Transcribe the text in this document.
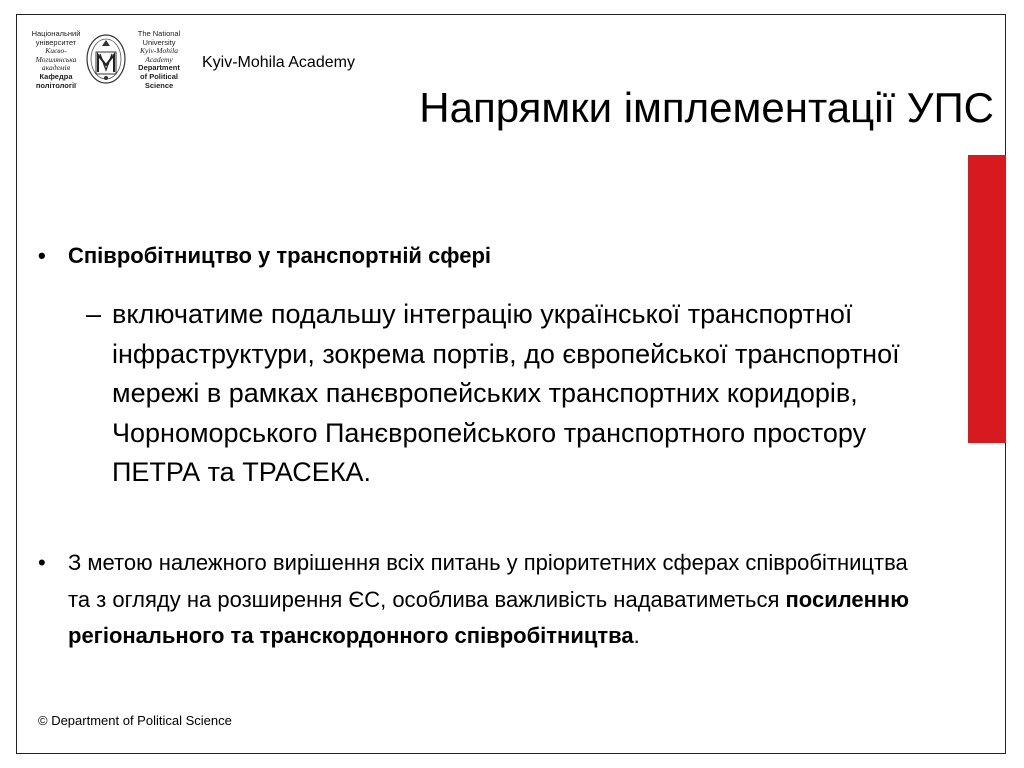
Національний
університет
Києво-
Могилянська
академія
Кафедра
політології
The National
University
Kyiv-Mohila
Academy
Department
of Political
Science
Kyiv-Mohila Academy
Напрямки імплементації УПС
• Співробітництво у транспортній сфері
– включатиме подальшу інтеграцію української транспортної інфраструктури, зокрема портів, до європейської транспортної мережі в рамках панєвропейських транспортних коридорів, Чорноморського Панєвропейського транспортного простору ПЕТРА та ТРАСЕКА.
• З метою належного вирішення всіх питань у пріоритетних сферах співробітництва та з огляду на розширення ЄС, особлива важливість надаватиметься посиленню регіонального та транскордонного співробітництва.
© Department of Political Science
